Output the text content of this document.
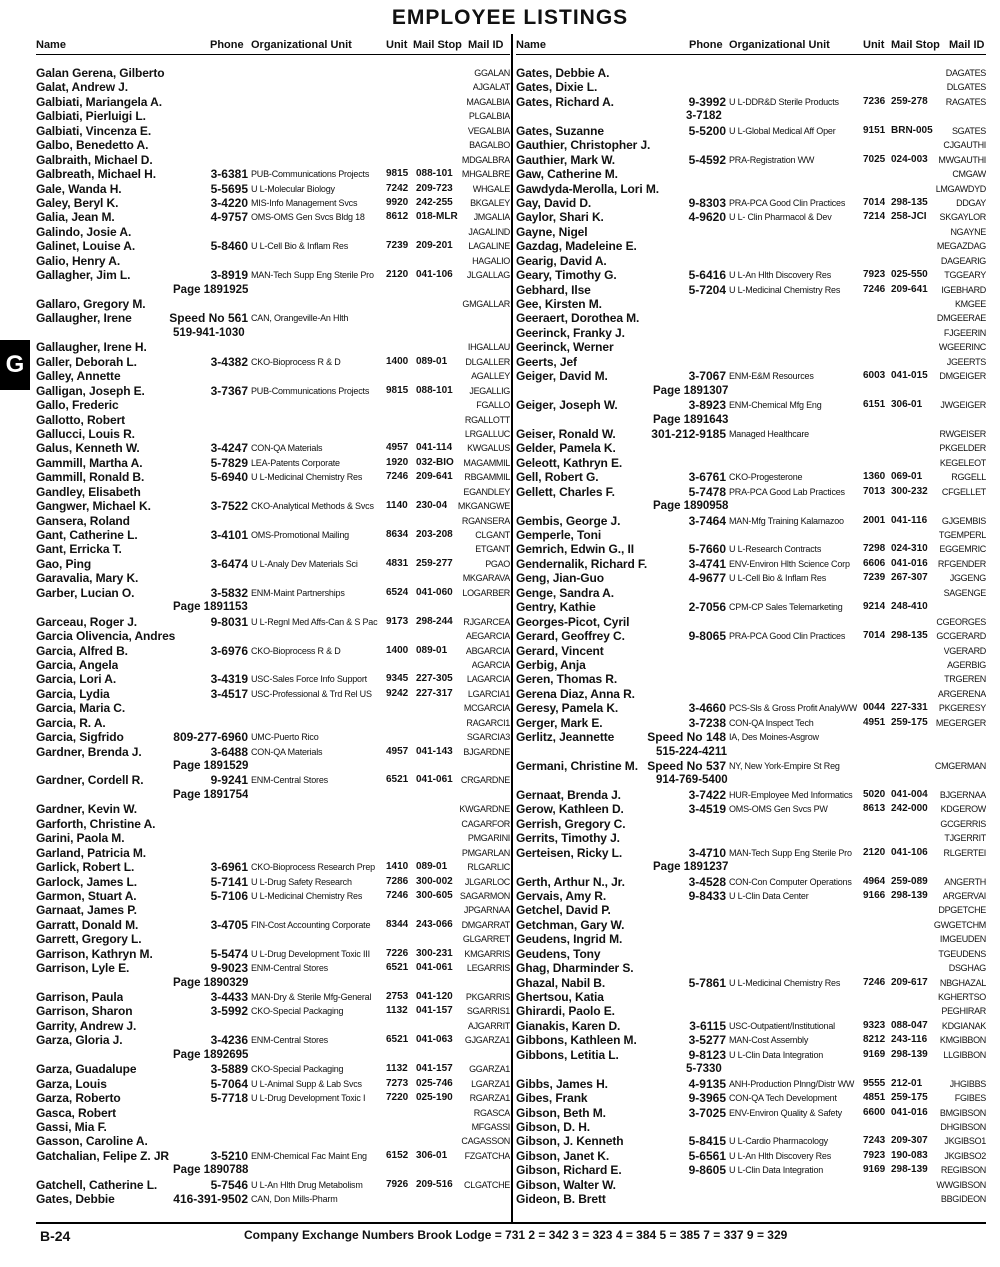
EMPLOYEE LISTINGS
G
Name	Phone Organizational Unit	Unit Mail Stop Mail ID
Galan Gerena, Gilberto	GGALAN
Galat, Andrew J.	AJGALAT
Galbiati, Mariangela A.	MAGALBIA
Galbiati, Pierluigi L.	PLGALBIA
Galbiati, Vincenza E.	VEGALBIA
Galbo, Benedetto A.	BAGALBO
Galbraith, Michael D.	MDGALBRA
Galbreath, Michael H.	3-6381 PUB-Communications Projects	9815 088-101 MHGALBRE
Gale, Wanda H.	5-5695 U L-Molecular Biology	7242 209-723 WHGALE
Galey, Beryl K.	3-4220 MIS-Info Management Svcs	9920 242-255 BKGALEY
Galia, Jean M.	4-9757 OMS-OMS Gen Svcs Bldg 18	8612 018-MLR JMGALIA
Galindo, Josie A.	JAGALIND
Galinet, Louise A.	5-8460 U L-Cell Bio & Inflam Res	7239 209-201 LAGALINE
Galio, Henry A.	HAGALIO
Gallagher, Jim L.	3-8919 MAN-Tech Supp Eng Sterile Pro	2120 041-106 JLGALLAG
Page 1891925
Gallaro, Gregory M.	GMGALLAR
Gallaugher, Irene	Speed No 561 CAN, Orangeville-An Hlth
519-941-1030
Gallaugher, Irene H.	IHGALLAU
Galler, Deborah L.	3-4382 CKO-Bioprocess R & D	1400 089-01 DLGALLER
Galley, Annette	AGALLEY
Galligan, Joseph E.	3-7367 PUB-Communications Projects	9815 088-101 JEGALLIG
Gallo, Frederic	FGALLO
Gallotto, Robert	RGALLOTT
Gallucci, Louis R.	LRGALLUC
Galus, Kenneth W.	3-4247 CON-QA Materials	4957 041-114 KWGALUS
Gammill, Martha A.	5-7829 LEA-Patents Corporate	1920 032-BIO MAGAMMIL
Gammill, Ronald B.	5-6940 U L-Medicinal Chemistry Res	7246 209-641 RBGAMMIL
Gandley, Elisabeth	EGANDLEY
Gangwer, Michael K.	3-7522 CKO-Analytical Methods & Svcs	1140 230-04 MKGANGWE
Gansera, Roland	RGANSERA
Gant, Catherine L.	3-4101 OMS-Promotional Mailing	8634 203-208	CLGANT
Gant, Erricka T.	ETGANT
Gao, Ping	3-6474 U L-Analy Dev Materials Sci	4831 259-277	PGAO
Garavalia, Mary K.	MKGARAVA
Garber, Lucian O.	3-5832 ENM-Maint Partnerships	6524 041-060 LOGARBER
Page 1891153
Garceau, Roger J.	9-8031 U L-Regnl Med Affs-Can & S Pac 9173 298-244 RJGARCEA
Garcia Olivencia, Andres	AEGARCIA
Garcia, Alfred B.	3-6976 CKO-Bioprocess R & D	1400 089-01 ABGARCIA
Garcia, Angela	AGARCIA
Garcia, Lori A.	3-4319 USC-Sales Force Info Support	9345 227-305 LAGARCIA
Garcia, Lydia	3-4517 USC-Professional & Trd Rel US	9242 227-317 LGARCIA1
Garcia, Maria C.	MCGARCIA
Garcia, R. A.	RAGARCI1
Garcia, Sigfrido	809-277-6960 UMC-Puerto Rico	SGARCIA3
Gardner, Brenda J.	3-6488 CON-QA Materials	4957 041-143 BJGARDNE
Page 1891529
Gardner, Cordell R.	9-9241 ENM-Central Stores	6521 041-061 CRGARDNE
Page 1891754
Gardner, Kevin W.	KWGARDNE
Garforth, Christine A.	CAGARFOR
Garini, Paola M.	PMGARINI
Garland, Patricia M.	PMGARLAN
Garlick, Robert L.	3-6961 CKO-Bioprocess Research Prep	1410 089-01 RLGARLIC
Garlock, James L.	5-7141 U L-Drug Safety Research	7286 300-002 JLGARLOC
Garmon, Stuart A.	5-7106 U L-Medicinal Chemistry Res	7246 300-605 SAGARMON
Garnaat, James P.	JPGARNAA
Garratt, Donald M.	3-4705 FIN-Cost Accounting Corporate	8344 243-066 DMGARRAT
Garrett, Gregory L.	GLGARRET
Garrison, Kathryn M.	5-5474 U L-Drug Development Toxic III	7226 300-231 KMGARRIS
Garrison, Lyle E.	9-9023 ENM-Central Stores	6521 041-061 LEGARRIS
Page 1890329
Garrison, Paula	3-4433 MAN-Dry & Sterile Mfg-General	2753 041-120 PKGARRIS
Garrison, Sharon	3-5992 CKO-Special Packaging	1132 041-157 SGARRIS1
Garrity, Andrew J.	AJGARRIT
Garza, Gloria J.	3-4236 ENM-Central Stores	6521 041-063 GJGARZA1
Page 1892695
Garza, Guadalupe	3-5889 CKO-Special Packaging	1132 041-157 GGARZA1
Garza, Louis	5-7064 U L-Animal Supp & Lab Svcs	7273 025-746 LGARZA1
Garza, Roberto	5-7718 U L-Drug Development Toxic I	7220 025-190 RGARZA1
Gasca, Robert	RGASCA
Gassi, Mia F.	MFGASSI
Gasson, Caroline A.	CAGASSON
Gatchalian, Felipe Z. JR	3-5210 ENM-Chemical Fac Maint Eng	6152 306-01 FZGATCHA
Page 1890788
Gatchell, Catherine L.	5-7546 U L-An Hlth Drug Metabolism	7926 209-516 CLGATCHE
Gates, Debbie	416-391-9502 CAN, Don Mills-Pharm
Name	Phone Organizational Unit	Unit Mail Stop Mail ID
Gates, Debbie A.	DAGATES
Gates, Dixie L.	DLGATES
Gates, Richard A.	9-3992 U L-DDR&D Sterile Products	7236 259-278 RAGATES
3-7182
Gates, Suzanne	5-5200 U L-Global Medical Aff Oper	9151 BRN-005 SGATES
Gauthier, Christopher J.	CJGAUTHI
Gauthier, Mark W.	5-4592 PRA-Registration WW	7025 024-003 MWGAUTHI
Gaw, Catherine M.	CMGAW
Gawdyda-Merolla, Lori M.	LMGAWDYD
Gay, David D.	9-8303 PRA-PCA Good Clin Practices	7014 298-135	DDGAY
Gaylor, Shari K.	4-9620 U L- Clin Pharmacol & Dev	7214 258-JCI SKGAYLOR
Gayne, Nigel	NGAYNE
Gazdag, Madeleine E.	MEGAZDAG
Gearig, David A.	DAGEARIG
Geary, Timothy G.	5-6416 U L-An Hlth Discovery Res	7923 025-550 TGGEARY
Gebhard, Ilse	5-7204 U L-Medicinal Chemistry Res	7246 209-641 IGEBHARD
Gee, Kirsten M.	KMGEE
Geeraert, Dorothea M.	DMGEERAE
Geerinck, Franky J.	FJGEERIN
Geerinck, Werner	WGEERINC
Geerts, Jef	JGEERTS
Geiger, David M.	3-7067 ENM-E&M Resources	6003 041-015 DMGEIGER
Page 1891307
Geiger, Joseph W.	3-8923 ENM-Chemical Mfg Eng	6151 306-01 JWGEIGER
Page 1891643
Geiser, Ronald W.	301-212-9185 Managed Healthcare	RWGEISER
Gelder, Pamela K.	PKGELDER
Geleott, Kathryn E.	KEGELEOT
Gell, Robert G.	3-6761 CKO-Progesterone	1360 069-01	RGGELL
Gellett, Charles F.	5-7478 PRA-PCA Good Lab Practices	7013 300-232 CFGELLET
Page 1890958
Gembis, George J.	3-7464 MAN-Mfg Training Kalamazoo	2001 041-116 GJGEMBIS
Gemperle, Toni	TGEMPERL
Gemrich, Edwin G., II	5-7660 U L-Research Contracts	7298 024-310 EGGEMRIC
Gendernalik, Richard F.	3-4741 ENV-Environ Hlth Science Corp	6606 041-016 RFGENDER
Geng, Jian-Guo	4-9677 U L-Cell Bio & Inflam Res	7239 267-307 JGGENG
Genge, Sandra A.	SAGENGE
Gentry, Kathie	2-7056 CPM-CP Sales Telemarketing	9214 248-410
Georges-Picot, Cyril	CGEORGES
Gerard, Geoffrey C.	9-8065 PRA-PCA Good Clin Practices	7014 298-135 GCGERARD
Gerard, Vincent	VGERARD
Gerbig, Anja	AGERBIG
Geren, Thomas R.	TRGEREN
Gerena Diaz, Anna R.	ARGERENA
Geresy, Pamela K.	3-4660 PCS-Sls & Gross Profit AnalyWW 0044 227-331 PKGERESY
Gerger, Mark E.	3-7238 CON-QA Inspect Tech	4951 259-175 MEGERGER
Gerlitz, Jeannette	Speed No 148 IA, Des Moines-Asgrow
515-224-4211
Germani, Christine M. Speed No 537 NY, New York-Empire St Reg	CMGERMAN
914-769-5400
Gernaat, Brenda J.	3-7422 HUR-Employee Med Informatics	5020 041-004 BJGERNAA
Gerow, Kathleen D.	3-4519 OMS-OMS Gen Svcs PW	8613 242-000 KDGEROW
Gerrish, Gregory C.	GCGERRIS
Gerrits, Timothy J.	TJGERRIT
Gerteisen, Ricky L.	3-4710 MAN-Tech Supp Eng Sterile Pro	2120 041-106 RLGERTEI
Page 1891237
Gerth, Arthur N., Jr.	3-4528 CON-Con Computer Operations	4964 259-089 ANGERTH
Gervais, Amy R.	9-8433 U L-Clin Data Center	9166 298-139 ARGERVAI
Getchel, David P.	DPGETCHE
Getchman, Gary W.	GWGETCHM
Geudens, Ingrid M.	IMGEUDEN
Geudens, Tony	TGEUDENS
Ghag, Dharminder S.	DSGHAG
Ghazal, Nabil B.	5-7861 U L-Medicinal Chemistry Res	7246 209-617 NBGHAZAL
Ghertsou, Katia	KGHERTSO
Ghirardi, Paolo E.	PEGHIRAR
Gianakis, Karen D.	3-6115 USC-Outpatient/Institutional	9323 088-047 KDGIANAK
Gibbons, Kathleen M.	3-5277 MAN-Cost Assembly	8212 243-116 KMGIBBON
Gibbons, Letitia L.	9-8123 U L-Clin Data Integration	9169 298-139 LLGIBBON
5-7330
Gibbs, James H.	4-9135 ANH-Production Plnng/Distr WW 9555 212-01	JHGIBBS
Gibes, Frank	9-3965 CON-QA Tech Development	4851 259-175	FGIBES
Gibson, Beth M.	3-7025 ENV-Environ Quality & Safety	6600 041-016 BMGIBSON
Gibson, D. H.	DHGIBSON
Gibson, J. Kenneth	5-8415 U L-Cardio Pharmacology	7243 209-307 JKGIBSO1
Gibson, Janet K.	5-6561 U L-An Hlth Discovery Res	7923 190-083 JKGIBSO2
Gibson, Richard E.	9-8605 U L-Clin Data Integration	9169 298-139 REGIBSON
Gibson, Walter W.	WWGIBSON
Gideon, B. Brett	BBGIDEON
B-24	Company Exchange Numbers Brook Lodge = 731 2 = 342 3 = 323 4 = 384 5 = 385 7 = 337 9 = 329
